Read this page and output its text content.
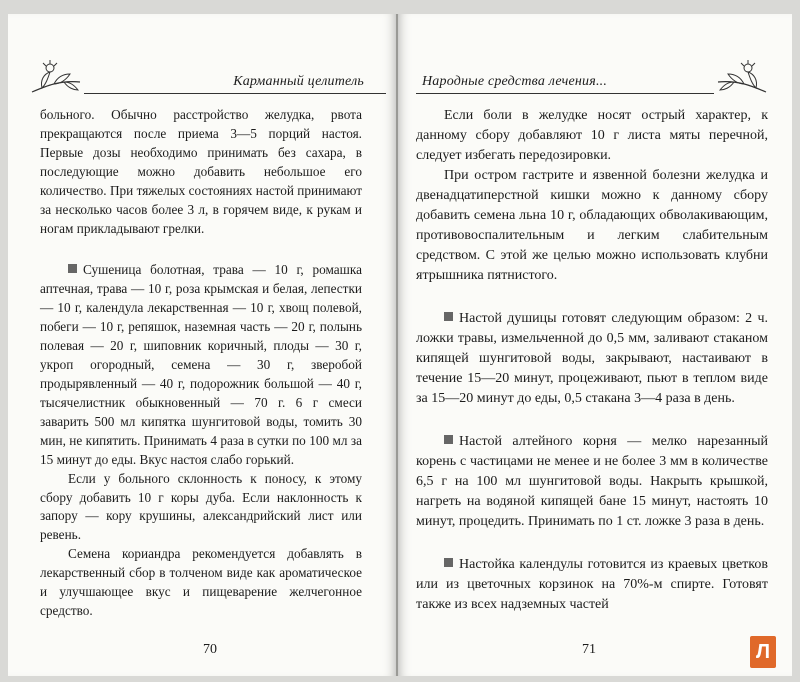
Карманный целитель

больного. Обычно расстройство желудка, рвота прекращаются после приема 3—5 порций настоя. Первые дозы необходимо принимать без сахара, в последующие можно добавить небольшое его количество. При тяжелых состояниях настой принимают за несколько часов более 3 л, в горячем виде, к рукам и ногам прикладывают грелки.

Сушеница болотная, трава — 10 г, ромашка аптечная, трава — 10 г, роза крымская и белая, лепестки — 10 г, календула лекарственная — 10 г, хвощ полевой, побеги — 10 г, репяшок, наземная часть — 20 г, полынь полевая — 20 г, шиповник коричный, плоды — 30 г, укроп огородный, семена — 30 г, зверобой продырявленный — 40 г, подорожник большой — 40 г, тысячелистник обыкновенный — 70 г. 6 г смеси заварить 500 мл кипятка шунгитовой воды, томить 30 мин, не кипятить. Принимать 4 раза в сутки по 100 мл за 15 минут до еды. Вкус настоя слабо горький.

Если у больного склонность к поносу, к этому сбору добавить 10 г коры дуба. Если наклонность к запору — кору крушины, александрийский лист или ревень.

Семена кориандра рекомендуется добавлять в лекарственный сбор в толченом виде как ароматическое и улучшающее вкус и пищеварение желчегонное средство.

70
Народные средства лечения...

Если боли в желудке носят острый характер, к данному сбору добавляют 10 г листа мяты перечной, следует избегать передозировки.

При остром гастрите и язвенной болезни желудка и двенадцатиперстной кишки можно к данному сбору добавить семена льна 10 г, обладающих обволакивающим, противовоспалительным и легким слабительным средством. С этой же целью можно использовать клубни ятрышника пятнистого.

Настой душицы готовят следующим образом: 2 ч. ложки травы, измельченной до 0,5 мм, заливают стаканом кипящей шунгитовой воды, закрывают, настаивают в течение 15—20 минут, процеживают, пьют в теплом виде за 15—20 минут до еды, 0,5 стакана 3—4 раза в день.

Настой алтейного корня — мелко нарезанный корень с частицами не менее и не более 3 мм в количестве 6,5 г на 100 мл шунгитовой воды. Накрыть крышкой, нагреть на водяной кипящей бане 15 минут, настоять 10 минут, процедить. Принимать по 1 ст. ложке 3 раза в день.

Настойка календулы готовится из краевых цветков или из цветочных корзинок на 70%-м спирте. Готовят также из всех надземных частей

71	Л
